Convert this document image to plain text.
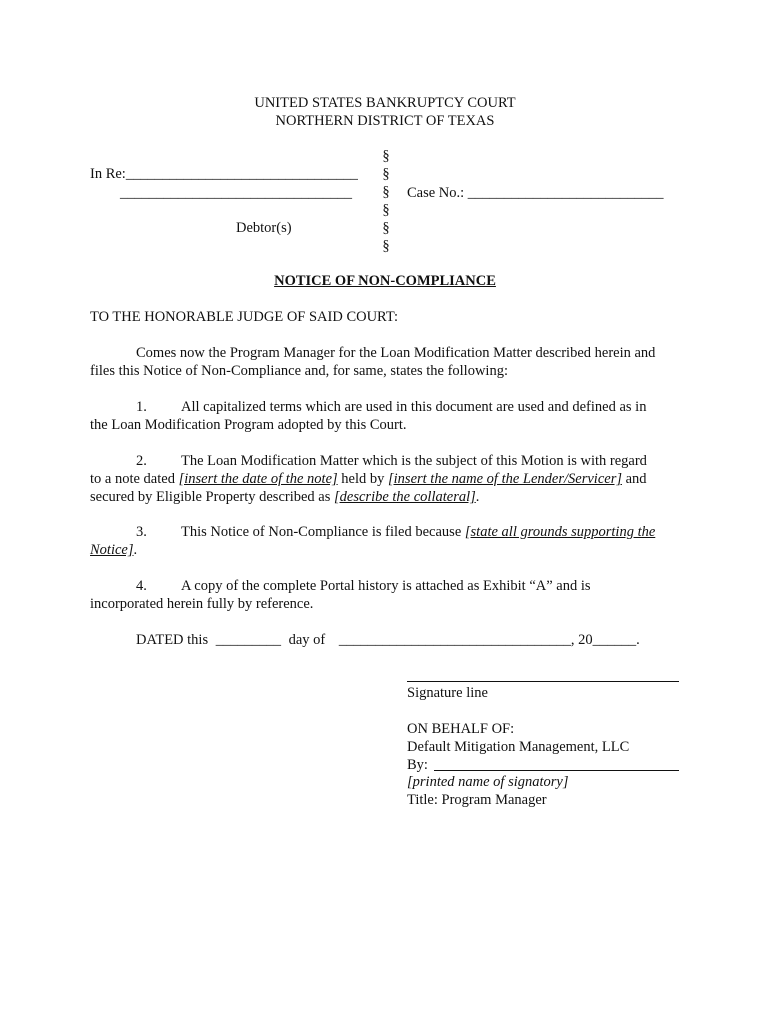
UNITED STATES BANKRUPTCY COURT
NORTHERN DISTRICT OF TEXAS
In Re:________________________________
________________________________
Debtor(s)
§
§
§
§
§
§
Case No.: ___________________________
NOTICE OF NON-COMPLIANCE
TO THE HONORABLE JUDGE OF SAID COURT:
Comes now the Program Manager for the Loan Modification Matter described herein and
files this Notice of Non-Compliance and, for same, states the following:
1. All capitalized terms which are used in this document are used and defined as in
the Loan Modification Program adopted by this Court.
2. The Loan Modification Matter which is the subject of this Motion is with regard
to a note dated [insert the date of the note] held by [insert the name of the Lender/Servicer] and
secured by Eligible Property described as [describe the collateral].
3. This Notice of Non-Compliance is filed because [state all grounds supporting the
Notice].
4. A copy of the complete Portal history is attached as Exhibit “A” and is
incorporated herein fully by reference.
DATED this _________ day of ________________________________, 20______.
Signature line
ON BEHALF OF:
Default Mitigation Management, LLC
By:
[printed name of signatory]
Title: Program Manager
